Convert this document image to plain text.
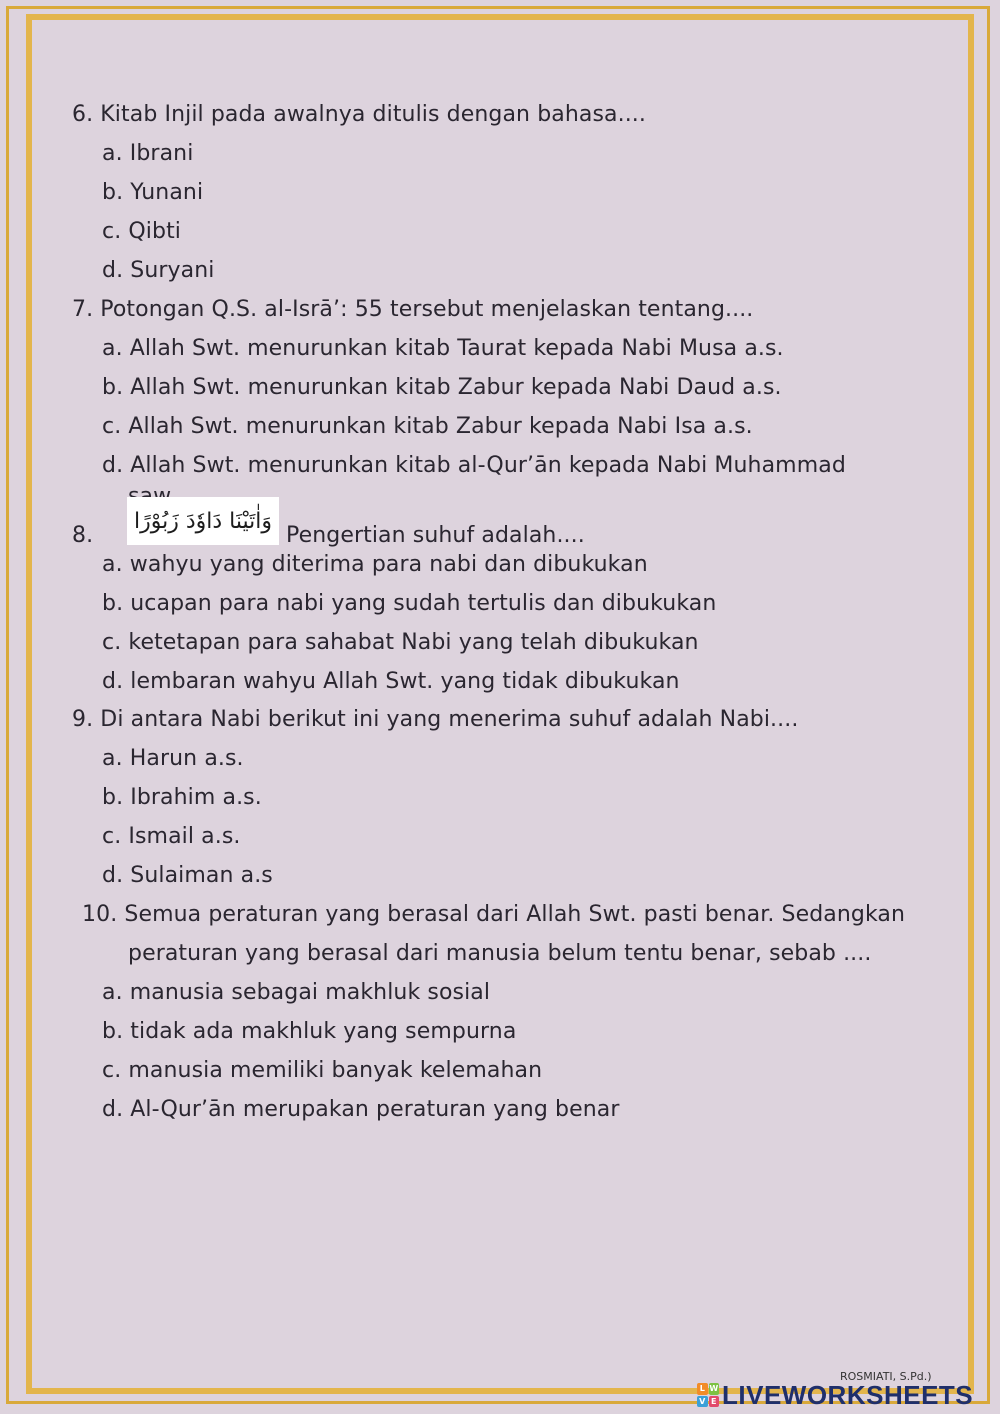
6. Kitab Injil pada awalnya ditulis dengan bahasa....
a. Ibrani
b. Yunani
c. Qibti
d. Suryani
7. Potongan Q.S. al-Isrā’: 55 tersebut menjelaskan tentang....
a. Allah Swt. menurunkan kitab Taurat kepada Nabi Musa a.s.
b. Allah Swt. menurunkan kitab Zabur kepada Nabi Daud a.s.
c. Allah Swt. menurunkan kitab Zabur kepada Nabi Isa a.s.
d. Allah Swt. menurunkan kitab al-Qur’ān kepada Nabi Muhammad
8.
وَاٰتَيْنَا دَاوٗدَ زَبُوْرًا
Pengertian suhuf adalah....
a. wahyu yang diterima para nabi dan dibukukan
b. ucapan para nabi yang sudah tertulis dan dibukukan
c. ketetapan para sahabat Nabi yang telah dibukukan
d. lembaran wahyu Allah Swt. yang tidak dibukukan
9. Di antara Nabi berikut ini yang menerima suhuf adalah Nabi....
a. Harun a.s.
b. Ibrahim a.s.
c. Ismail a.s.
d. Sulaiman a.s
10. Semua peraturan yang berasal dari Allah Swt. pasti benar. Sedangkan
peraturan yang berasal dari manusia belum tentu benar, sebab ....
a. manusia sebagai makhluk sosial
b. tidak ada makhluk yang sempurna
c. manusia memiliki banyak kelemahan
d. Al-Qur’ān merupakan peraturan yang benar
ROSMIATI, S.Pd.)
L W
V E LIVEWORKSHEETS
